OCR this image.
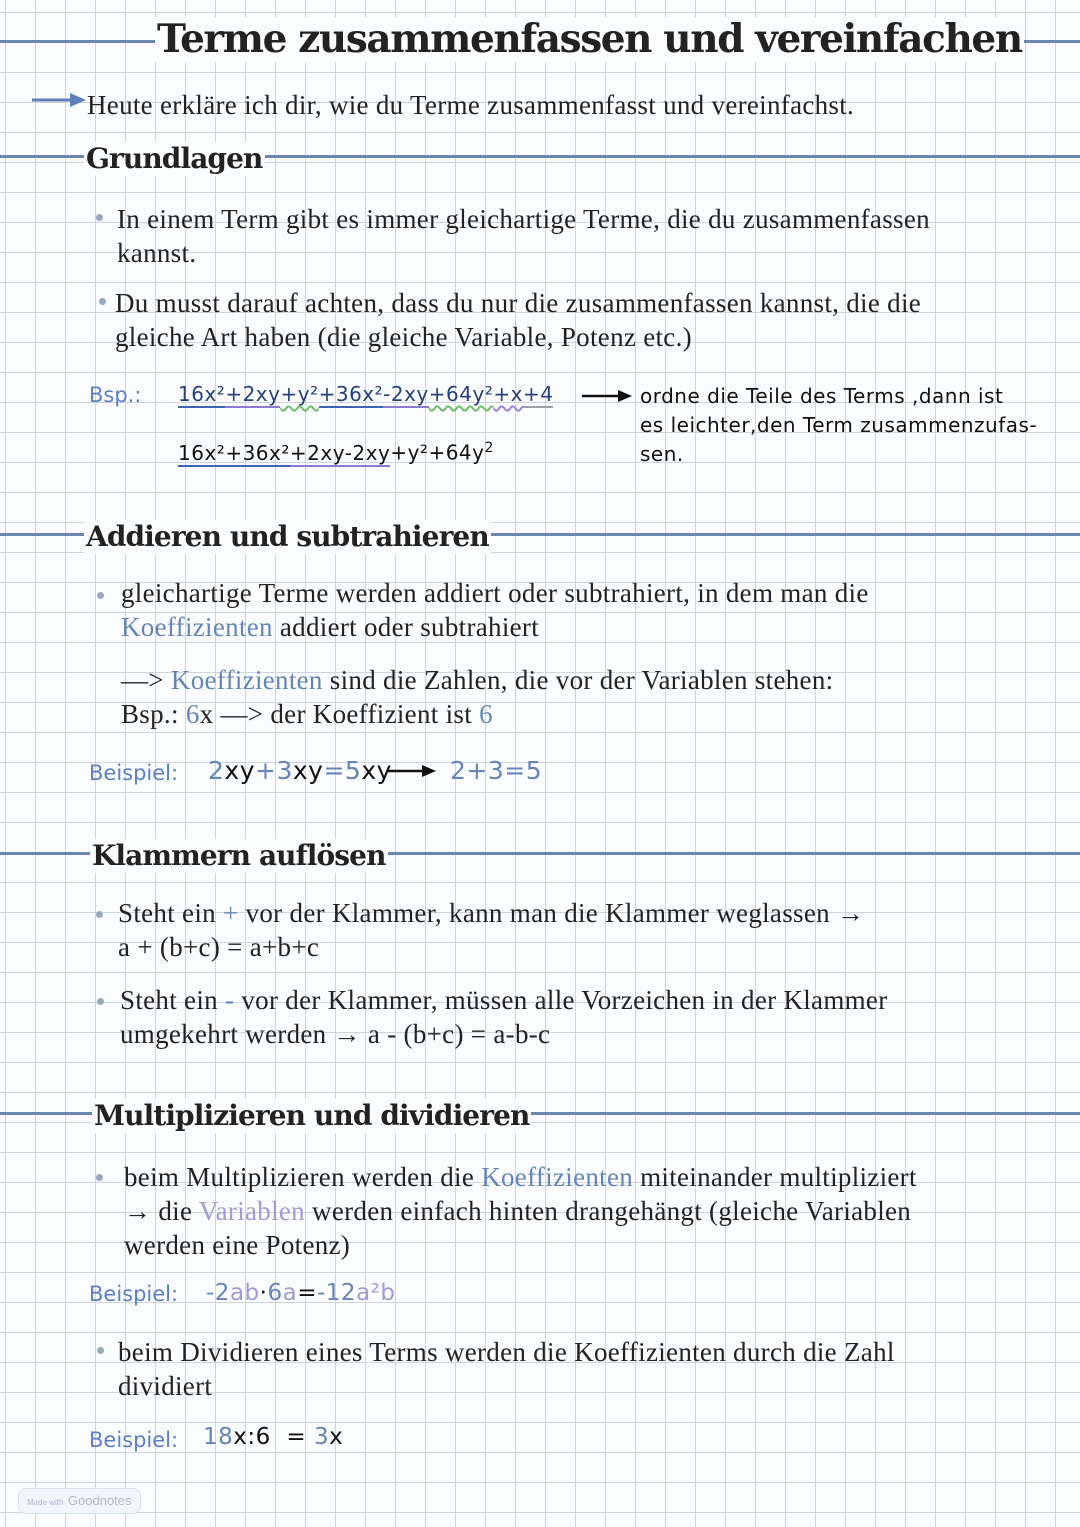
Terme zusammenfassen und vereinfachen
Heute erkläre ich dir, wie du Terme zusammenfasst und vereinfachst.
Grundlagen
In einem Term gibt es immer gleichartige Terme, die du zusammenfassen
kannst.
Du musst darauf achten, dass du nur die zusammenfassen kannst, die die
gleiche Art haben (die gleiche Variable, Potenz etc.)
Bsp.: 16x²+2xy+y²+36x²-2xy+64y²+x+4
$16x^2+36x^2+2xy-2xy+y^2+64y^2$
ordne die Teile des Terms ,dann ist
es leichter,den Term zusammenzufas-
sen.
Addieren und subtrahieren
gleichartige Terme werden addiert oder subtrahiert, in dem man die
Koeffizienten addiert oder subtrahiert
—> Koeffizienten sind die Zahlen, die vor der Variablen stehen:
Bsp.: 6x —> der Koeffizient ist 6
Beispiel: 2xy+3xy=5xy 2+3=5
Klammern auflösen
Steht ein + vor der Klammer, kann man die Klammer weglassen →
a + (b+c) = a+b+c
Steht ein - vor der Klammer, müssen alle Vorzeichen in der Klammer
umgekehrt werden → a - (b+c) = a-b-c
Multiplizieren und dividieren
beim Multiplizieren werden die Koeffizienten miteinander multipliziert
→ die Variablen werden einfach hinten drangehängt (gleiche Variablen
werden eine Potenz)
Beispiel: -2ab·6a=-12a²b
beim Dividieren eines Terms werden die Koeffizienten durch die Zahl
dividiert
Beispiel: 18x:6 = 3x
Made with Goodnotes
